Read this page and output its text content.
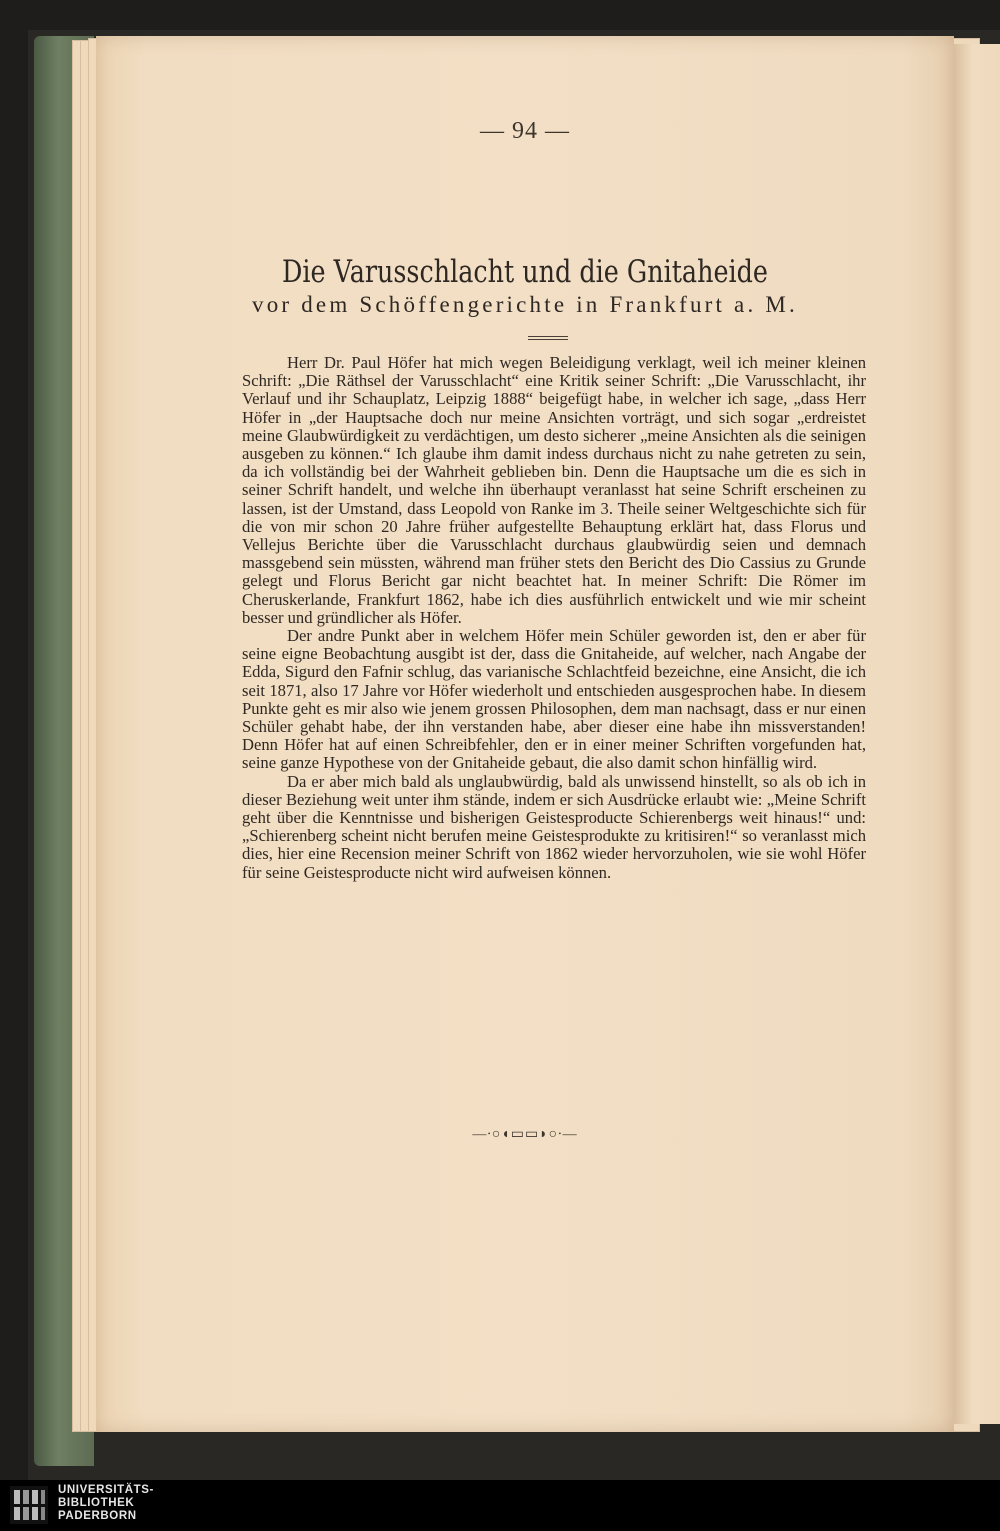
— 94 —
Die Varusschlacht und die Gnitaheide
vor dem Schöffengerichte in Frankfurt a. M.

Herr Dr. Paul Höfer hat mich wegen Beleidigung verklagt, weil ich meiner kleinen Schrift: „Die Räthsel der Varusschlacht“ eine Kritik seiner Schrift: „Die Varusschlacht, ihr Verlauf und ihr Schauplatz, Leipzig 1888“ beigefügt habe, in welcher ich sage, „dass Herr Höfer in „der Hauptsache doch nur meine Ansichten vorträgt, und sich sogar „erdreistet meine Glaubwürdigkeit zu verdächtigen, um desto sicherer „meine Ansichten als die seinigen ausgeben zu können.“ Ich glaube ihm damit indess durchaus nicht zu nahe getreten zu sein, da ich vollständig bei der Wahrheit geblieben bin. Denn die Hauptsache um die es sich in seiner Schrift handelt, und welche ihn überhaupt veranlasst hat seine Schrift erscheinen zu lassen, ist der Umstand, dass Leopold von Ranke im 3. Theile seiner Weltgeschichte sich für die von mir schon 20 Jahre früher aufgestellte Behauptung erklärt hat, dass Florus und Vellejus Berichte über die Varusschlacht durchaus glaubwürdig seien und demnach massgebend sein müssten, während man früher stets den Bericht des Dio Cassius zu Grunde gelegt und Florus Bericht gar nicht beachtet hat. In meiner Schrift: Die Römer im Cheruskerlande, Frankfurt 1862, habe ich dies ausführlich entwickelt und wie mir scheint besser und gründlicher als Höfer.

Der andre Punkt aber in welchem Höfer mein Schüler geworden ist, den er aber für seine eigne Beobachtung ausgibt ist der, dass die Gnitaheide, auf welcher, nach Angabe der Edda, Sigurd den Fafnir schlug, das varianische Schlachtfeid bezeichne, eine Ansicht, die ich seit 1871, also 17 Jahre vor Höfer wiederholt und entschieden ausgesprochen habe. In diesem Punkte geht es mir also wie jenem grossen Philosophen, dem man nachsagt, dass er nur einen Schüler gehabt habe, der ihn verstanden habe, aber dieser eine habe ihn missverstanden! Denn Höfer hat auf einen Schreibfehler, den er in einer meiner Schriften vorgefunden hat, seine ganze Hypothese von der Gnitaheide gebaut, die also damit schon hinfällig wird.

Da er aber mich bald als unglaubwürdig, bald als unwissend hinstellt, so als ob ich in dieser Beziehung weit unter ihm stände, indem er sich Ausdrücke erlaubt wie: „Meine Schrift geht über die Kenntnisse und bisherigen Geistesproducte Schierenbergs weit hinaus!“ und: „Schierenberg scheint nicht berufen meine Geistesprodukte zu kritisiren!“ so veranlasst mich dies, hier eine Recension meiner Schrift von 1862 wieder hervorzuholen, wie sie wohl Höfer für seine Geistesproducte nicht wird aufweisen können.

—∙○◖▭▭◗○∙—
UNIVERSITÄTS-
BIBLIOTHEK
PADERBORN
